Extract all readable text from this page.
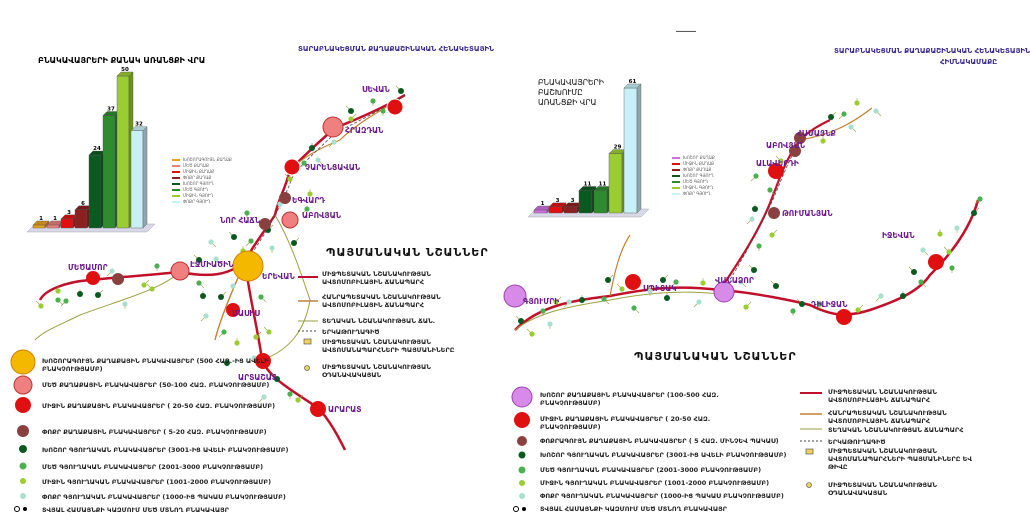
――
ՏԱՐԱԲՆԱԿԵՑՄԱՆ ՔԱՂԱՔԱՇԻՆԱԿԱՆ ՀԵՆԱԿԵՏԱՅԻՆ
ԲՆԱԿԱՎԱՅՐԵՐԻ ՔԱՆԱԿ ԱՌԱՆՑՔԻ ՎՐԱ
1 1
3
6
24
37
50
32
ՍԵՎԱՆ
ՀՐԱԶԴԱՆ
ՉԱՐԵՆՑԱՎԱՆ
ԵԳՎԱՐԴ
ԱԲՈՎՅԱՆ
ՆՈՐ ՀԱՃՆ
ՄԵԾԱՄՈՐ	ԷՋՄԻԱԾԻՆ
ԵՐԵՎԱՆ
ՄԱՍԻՍ
ԱՐՏԱՇԱՏ
ԱՐԱՐԱՏ
ԽՈՇՈՐԱԳՈՒՅՆ ՔԱՂԱՔ
ՄԵԾ ՔԱՂԱՔ
ՄԻՋԻՆ ՔԱՂԱՔ
ՓՈՔՐ ՔԱՂԱՔ
ԽՈՇՈՐ ԳՅՈՒՂ
ՄԵԾ ԳՅՈՒՂ
ՄԻՋԻՆ ԳՅՈՒՂ
ՓՈՔՐ ԳՅՈՒՂ
ՊԱՅՄԱՆԱԿԱՆ ՆՇԱՆՆԵՐ
ՄԻՋՊԵՏԱԿԱՆ ՆՇԱՆԱԿՈՒԹՅԱՆ ԱՎՏՈՄՈԲԻԼԱՅԻՆ ՃԱՆԱՊԱՐՀ
ՀԱՆՐԱՊԵՏԱԿԱՆ ՆՇԱՆԱԿՈՒԹՅԱՆ ԱՎՏՈՄՈԲԻԼԱՅԻՆ ՃԱՆԱՊԱՐՀ
ՏԵՂԱԿԱՆ ՆՇԱՆԱԿՈՒԹՅԱՆ ՃԱՆ.
ԵՐԿԱԹՈՒՂԱԳԻԾ
ՄԻՋՊԵՏԱԿԱՆ ՆՇԱՆԱԿՈՒԹՅԱՆ ԱՎՏՈՄԱՆԱՊԱՐՀՆԵՐԻ ՊԱՅՄԱՆԻՆԵՐԸ
ՄԻՋՊԵՏԱԿԱՆ ՆՇԱՆԱԿՈՒԹՅԱՆ ՕԴԱՆԱՎԱԿԱՅԱՆ
ԽՈՇՈՐԱԳՈՒՅՆ ՔԱՂԱՔԱՅԻՆ ԲՆԱԿԱՎԱՅՐԵՐ (500 ՀԱԶ.-ԻՑ ԱՎԵԼԻ ԲՆԱԿՉՈՒԹՅԱՄԲ)
ՄԵԾ ՔԱՂԱՔԱՅԻՆ ԲՆԱԿԱՎԱՅՐԵՐ (50-100 ՀԱԶ. ԲՆԱԿՉՈՒԹՅԱՄԲ)
ՄԻՋԻՆ ՔԱՂԱՔԱՅԻՆ ԲՆԱԿԱՎԱՅՐԵՐ ( 20-50 ՀԱԶ. ԲՆԱԿՉՈՒԹՅԱՄԲ)
ՓՈՔՐ ՔԱՂԱՔԱՅԻՆ ԲՆԱԿԱՎԱՅՐԵՐ ( 5-20 ՀԱԶ. ԲՆԱԿՉՈՒԹՅԱՄԲ)
ԽՈՇՈՐ ԳՅՈՒՂԱԿԱՆ ԲՆԱԿԱՎԱՅՐԵՐ (3001-ԻՑ ԱՎԵԼԻ ԲՆԱԿՉՈՒԹՅԱՄԲ)
ՄԵԾ ԳՅՈՒՂԱԿԱՆ ԲՆԱԿԱՎԱՅՐԵՐ (2001-3000 ԲՆԱԿՉՈՒԹՅԱՄԲ)
ՄԻՋԻՆ ԳՅՈՒՂԱԿԱՆ ԲՆԱԿԱՎԱՅՐԵՐ (1001-2000 ԲՆԱԿՉՈՒԹՅԱՄԲ)
ՓՈՔՐ ԳՅՈՒՂԱԿԱՆ ԲՆԱԿԱՎԱՅՐԵՐ (1000-ԻՑ ՊԱԿԱՍ ԲՆԱԿՉՈՒԹՅԱՄԲ)
ՏՎՅԱԼ ՀԱՄԱՅՆՔԻ ԿԱԶՄՈՒՄ ՄԵԾ ՄՏՆՈՂ ԲՆԱԿԱՎԱՅՐ
ՏԱՐԱԲՆԱԿԵՑՄԱՆ ՔԱՂԱՔԱՇԻՆԱԿԱՆ ՀԵՆԱԿԵՏԱՅԻՆ
ՀԻՄՆԱԿԱՄԱՔԸ
ԲՆԱԿԱՎԱՅՐԵՐԻ ԲԱՇԽՈՒՄԸ ԱՌԱՆՑՔԻ ՎՐԱ
1
3 3
11 11
29
61
ՀԱՄԱՅՆՔ
ԱԲՈՎՅԱՆ
ԱԼԱՎԵՐԴԻ
ԹՈՒՄԱՆՅԱՆ
ԻՋԵՎԱՆ
ԳՅՈՒՄՐԻ
ՍՊԻՏԱԿ
ՎԱՆԱՁՈՐ
ԴԻԼԻՋԱՆ
ԽՈՇՈՐ ՔԱՂԱՔ
ՄԻՋԻՆ ՔԱՂԱՔ
ՓՈՔՐ ՔԱՂԱՔ
ԽՈՇՈՐ ԳՅՈՒՂ
ՄԵԾ ԳՅՈՒՂ
ՄԻՋԻՆ ԳՅՈՒՂ
ՓՈՔՐ ԳՅՈՒՂ
ՊԱՅՄԱՆԱԿԱՆ ՆՇԱՆՆԵՐ
ԽՈՇՈՐ ՔԱՂԱՔԱՅԻՆ ԲՆԱԿԱՎԱՅՐԵՐ (100-500 ՀԱԶ. ԲՆԱԿՉՈՒԹՅԱՄԲ)
ՄԻՋԻՆ ՔԱՂԱՔԱՅԻՆ ԲՆԱԿԱՎԱՅՐԵՐ ( 20-50 ՀԱԶ. ԲՆԱԿՉՈՒԹՅԱՄԲ)
ՓՈՔՐԱԳՈՒՅՆ ՔԱՂԱՔԱՅԻՆ ԲՆԱԿԱՎԱՅՐԵՐ ( 5 ՀԱԶ. ՄԻՆՉԵՎ ՊԱԿԱՍ)
ԽՈՇՈՐ ԳՅՈՒՂԱԿԱՆ ԲՆԱԿԱՎԱՅՐԵՐ (3001-ԻՑ ԱՎԵԼԻ ԲՆԱԿՉՈՒԹՅԱՄԲ)
ՄԵԾ ԳՅՈՒՂԱԿԱՆ ԲՆԱԿԱՎԱՅՐԵՐ (2001-3000 ԲՆԱԿՉՈՒԹՅԱՄԲ)
ՄԻՋԻՆ ԳՅՈՒՂԱԿԱՆ ԲՆԱԿԱՎԱՅՐԵՐ (1001-2000 ԲՆԱԿՉՈՒԹՅԱՄԲ)
ՓՈՔՐ ԳՅՈՒՂԱԿԱՆ ԲՆԱԿԱՎԱՅՐԵՐ (1000-ԻՑ ՊԱԿԱՍ ԲՆԱԿՉՈՒԹՅԱՄԲ)
ՏՎՅԱԼ ՀԱՄԱՅՆՔԻ ԿԱԶՄՈՒՄ ՄԵԾ ՄՏՆՈՂ ԲՆԱԿԱՎԱՅՐ
ՄԻՋՊԵՏԱԿԱՆ ՆՇԱՆԱԿՈՒԹՅԱՆ ԱՎՏՈՄՈԲԻԼԱՅԻՆ ՃԱՆԱՊԱՐՀ
ՀԱՆՐԱՊԵՏԱԿԱՆ ՆՇԱՆԱԿՈՒԹՅԱՆ ԱՎՏՈՄՈԲԻԼԱՅԻՆ ՃԱՆԱՊԱՐՀ
ՏԵՂԱԿԱՆ ՆՇԱՆԱԿՈՒԹՅԱՆ ՃԱՆԱՊԱՐՀ
ԵՐԿԱԹՈՒՂԱԳԻԾ
ՄԻՋՊԵՏԱԿԱՆ ՆՇԱՆԱԿՈՒԹՅԱՆ ԱՎՏՈՄԱՆԱՊԱՐՀՆԵՐԻ ՊԱՅՄԱՆԻՆԵՐԸ ԵՎ ԹԻՎԸ
ՄԻՋՊԵՏԱԿԱՆ ՆՇԱՆԱԿՈՒԹՅԱՆ ՕԴԱՆԱՎԱԿԱՅԱՆ
